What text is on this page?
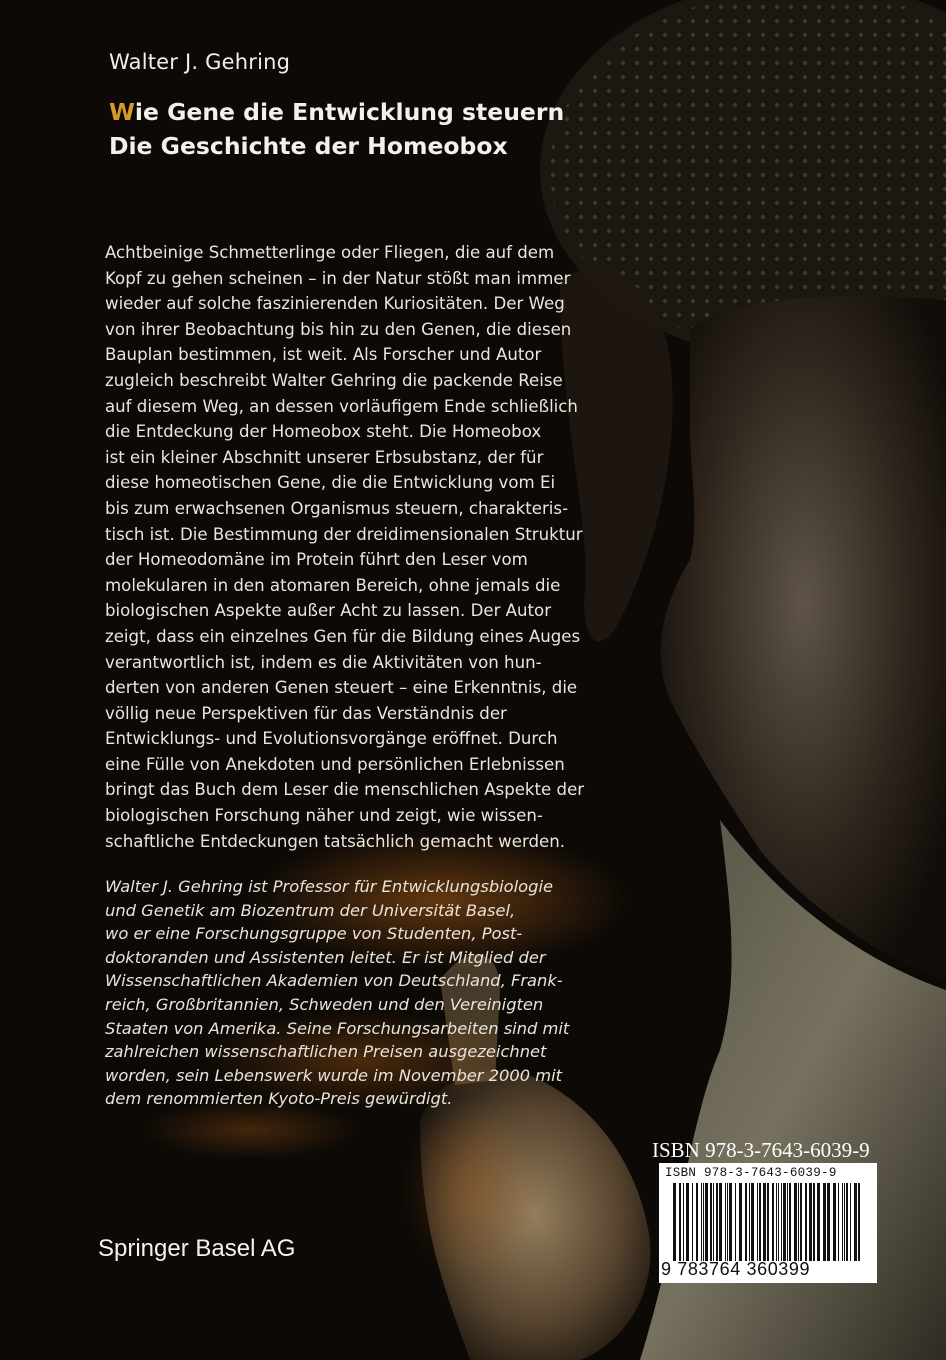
Walter J. Gehring
Wie Gene die Entwicklung steuern
Die Geschichte der Homeobox
Achtbeinige Schmetterlinge oder Fliegen, die auf dem
Kopf zu gehen scheinen – in der Natur stößt man immer
wieder auf solche faszinierenden Kuriositäten. Der Weg
von ihrer Beobachtung bis hin zu den Genen, die diesen
Bauplan bestimmen, ist weit. Als Forscher und Autor
zugleich beschreibt Walter Gehring die packende Reise
auf diesem Weg, an dessen vorläufigem Ende schließlich
die Entdeckung der Homeobox steht. Die Homeobox
ist ein kleiner Abschnitt unserer Erbsubstanz, der für
diese homeotischen Gene, die die Entwicklung vom Ei
bis zum erwachsenen Organismus steuern, charakteris-
tisch ist. Die Bestimmung der dreidimensionalen Struktur
der Homeodomäne im Protein führt den Leser vom
molekularen in den atomaren Bereich, ohne jemals die
biologischen Aspekte außer Acht zu lassen. Der Autor
zeigt, dass ein einzelnes Gen für die Bildung eines Auges
verantwortlich ist, indem es die Aktivitäten von hun-
derten von anderen Genen steuert – eine Erkenntnis, die
völlig neue Perspektiven für das Verständnis der
Entwicklungs- und Evolutionsvorgänge eröffnet. Durch
eine Fülle von Anekdoten und persönlichen Erlebnissen
bringt das Buch dem Leser die menschlichen Aspekte der
biologischen Forschung näher und zeigt, wie wissen-
schaftliche Entdeckungen tatsächlich gemacht werden.
Walter J. Gehring ist Professor für Entwicklungsbiologie
und Genetik am Biozentrum der Universität Basel,
wo er eine Forschungsgruppe von Studenten, Post-
doktoranden und Assistenten leitet. Er ist Mitglied der
Wissenschaftlichen Akademien von Deutschland, Frank-
reich, Großbritannien, Schweden und den Vereinigten
Staaten von Amerika. Seine Forschungsarbeiten sind mit
zahlreichen wissenschaftlichen Preisen ausgezeichnet
worden, sein Lebenswerk wurde im November 2000 mit
dem renommierten Kyoto-Preis gewürdigt.
Springer Basel AG
ISBN 978-3-7643-6039-9
ISBN 978-3-7643-6039-9
9 783764 360399
